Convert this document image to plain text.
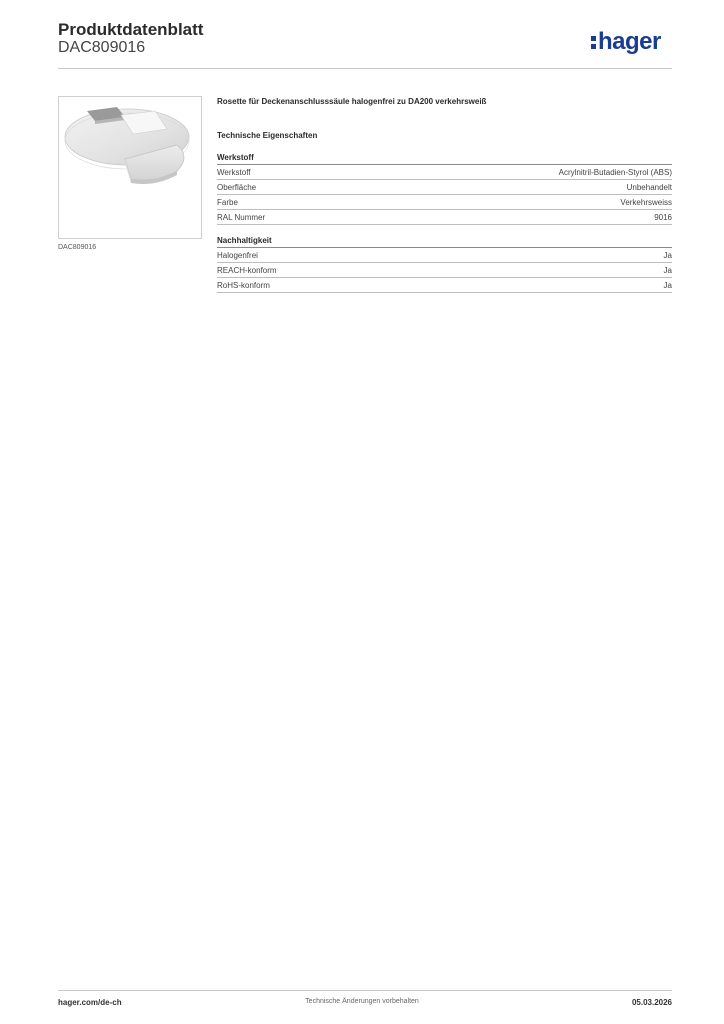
Produktdatenblatt
DAC809016	hager
DAC809016
Rosette für Deckenanschlusssäule halogenfrei zu DA200 verkehrsweiß
Technische Eigenschaften
Werkstoff
Werkstoff	Acrylnitril-Butadien-Styrol (ABS)
Oberfläche	Unbehandelt
Farbe	Verkehrsweiss
RAL Nummer	9016
Nachhaltigkeit
Halogenfrei	Ja
REACH-konform	Ja
RoHS-konform	Ja
hager.com/de-ch	Technische Änderungen vorbehalten	05.03.2026
